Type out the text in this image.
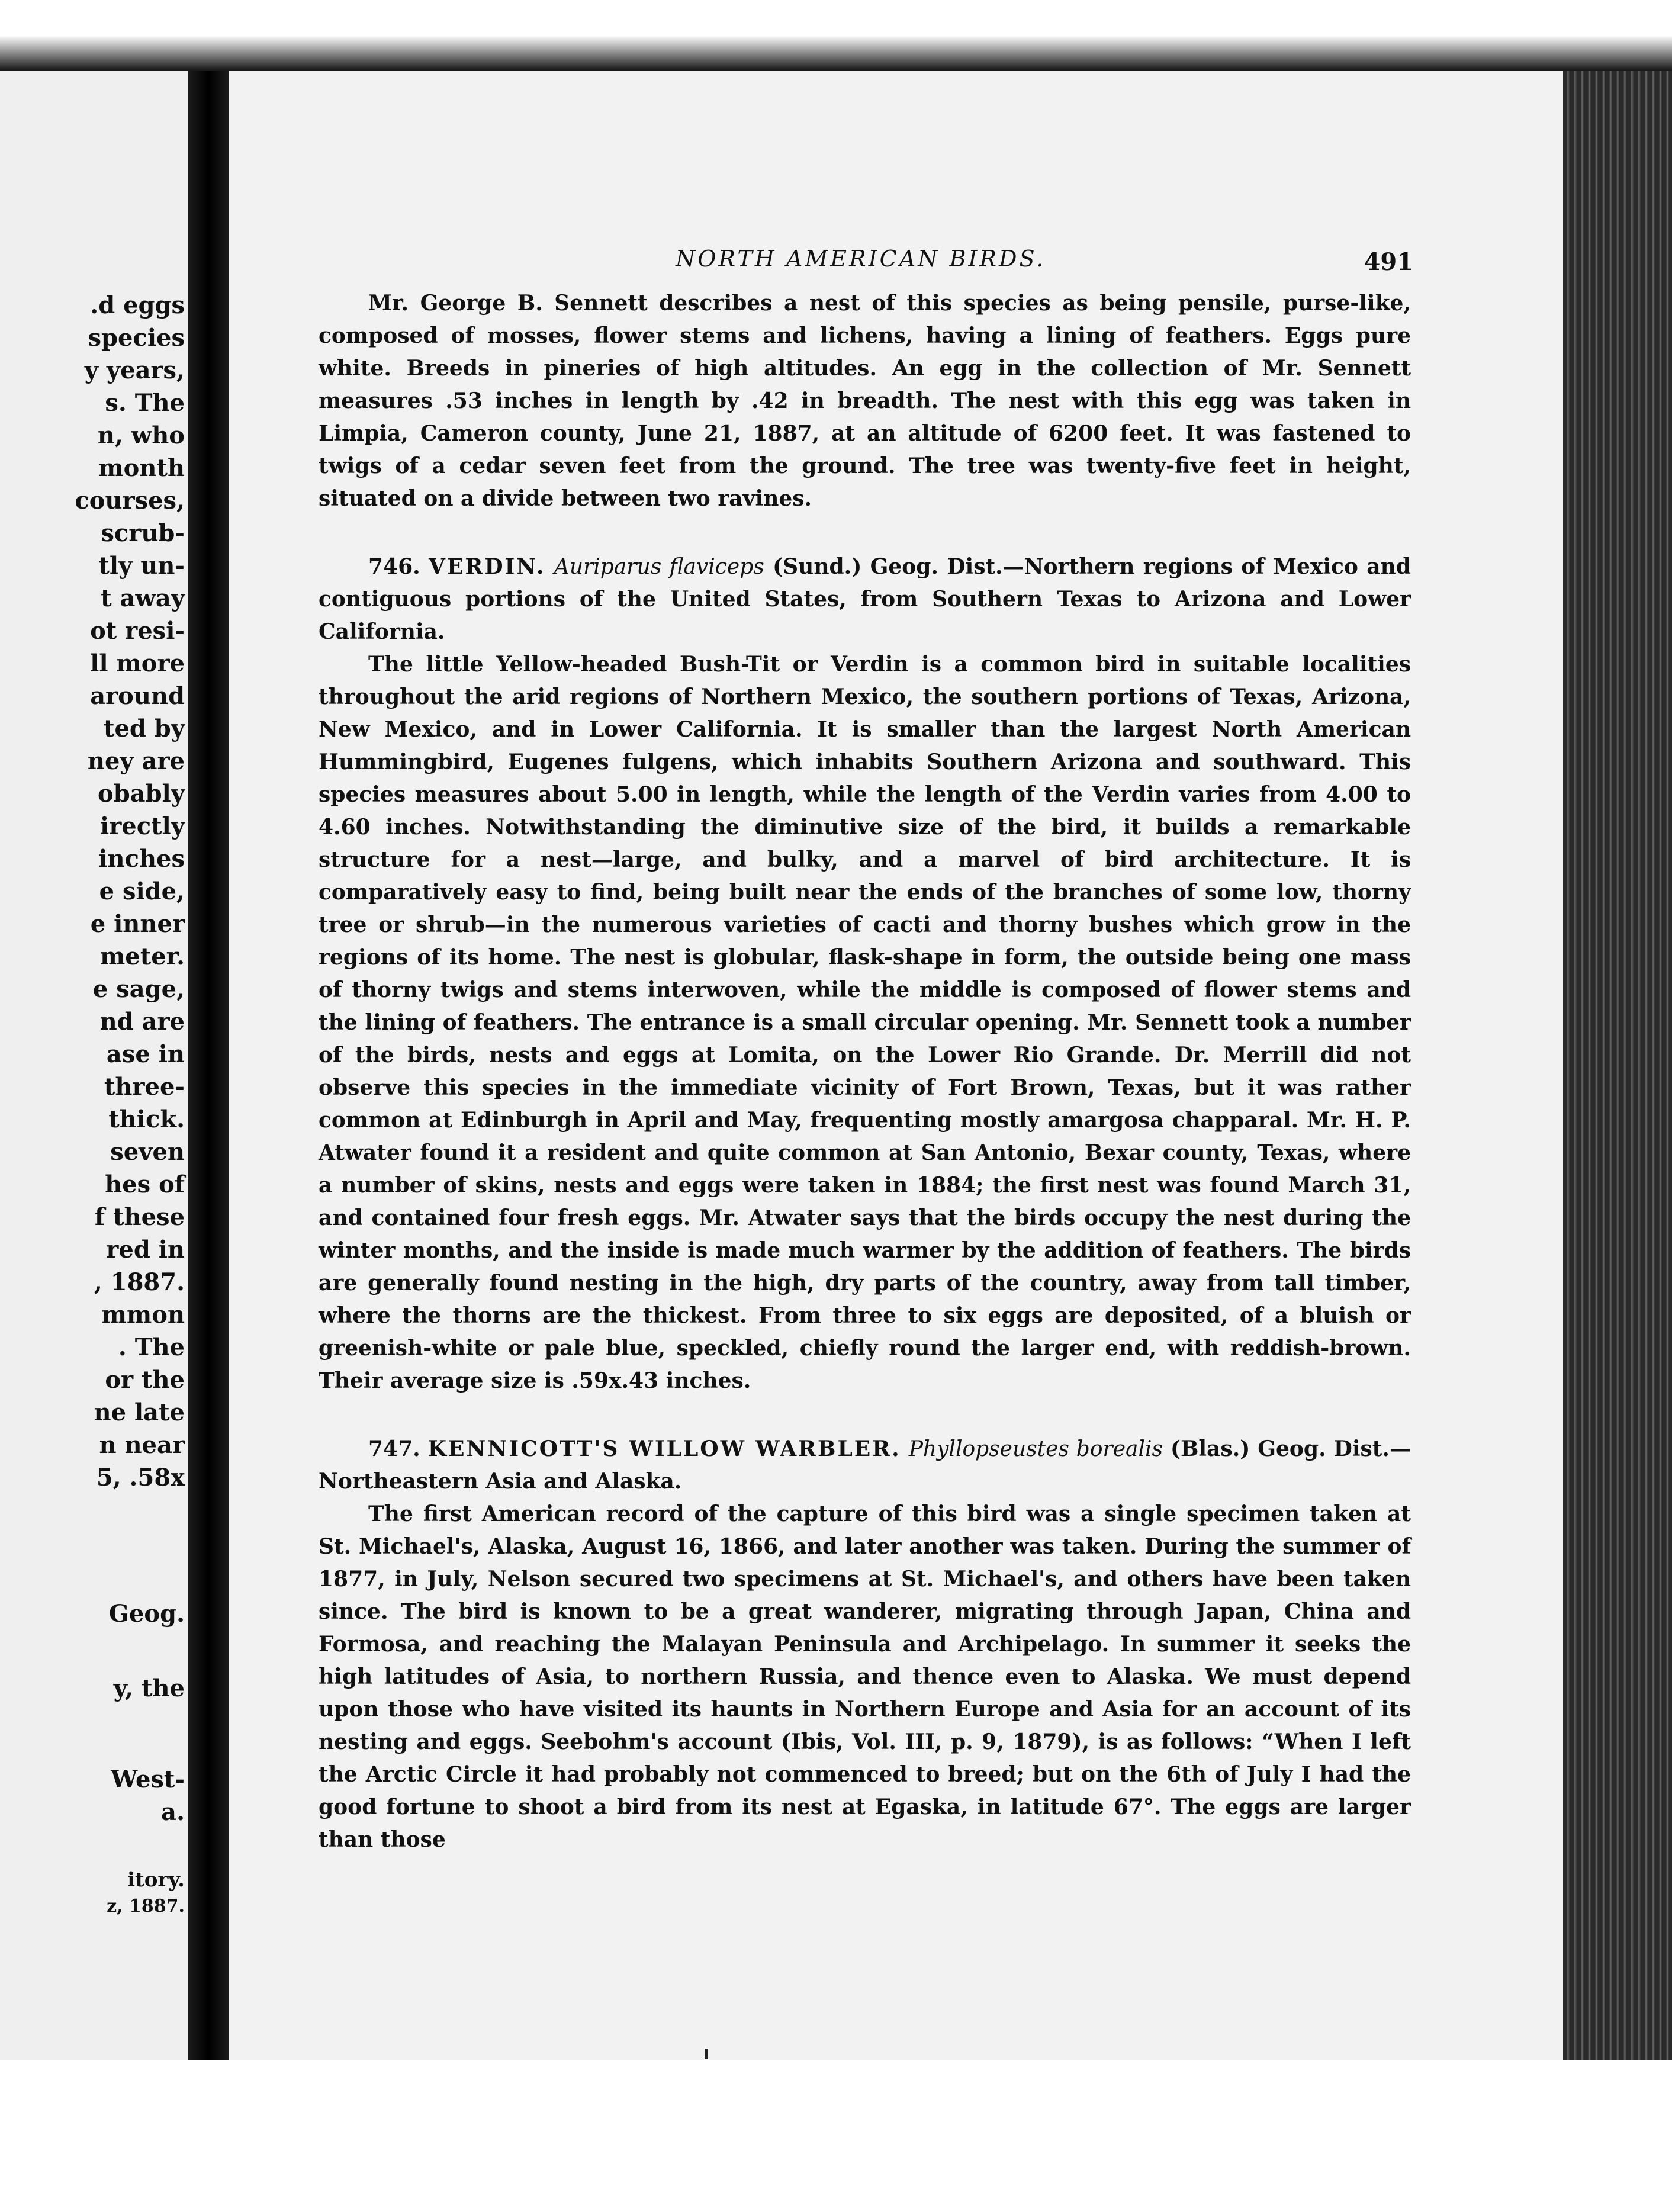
.d eggs
species
y years,
s. The
n, who
month
courses,
scrub-
tly un-
t away
ot resi-
ll more
around
ted by
ney are
obably
irectly
inches
e side,
e inner
meter.
e sage,
nd are
ase in
three-
thick.
seven
hes of
f these
red in
, 1887.
mmon
. The
or the
ne late
n near
5, .58x
Geog.
y, the
West-
a.
itory.
z, 1887.
NORTH AMERICAN BIRDS.	491

Mr. George B. Sennett describes a nest of this species as being pensile, purse-like, composed of mosses, flower stems and lichens, having a lining of feathers. Eggs pure white. Breeds in pineries of high altitudes. An egg in the collection of Mr. Sennett measures .53 inches in length by .42 in breadth. The nest with this egg was taken in Limpia, Cameron county, June 21, 1887, at an altitude of 6200 feet. It was fastened to twigs of a cedar seven feet from the ground. The tree was twenty-five feet in height, situated on a divide between two ravines.

746. VERDIN. Auriparus flaviceps (Sund.) Geog. Dist.—Northern regions of Mexico and contiguous portions of the United States, from Southern Texas to Arizona and Lower California.

The little Yellow-headed Bush-Tit or Verdin is a common bird in suitable localities throughout the arid regions of Northern Mexico, the southern portions of Texas, Arizona, New Mexico, and in Lower California. It is smaller than the largest North American Hummingbird, Eugenes fulgens, which inhabits Southern Arizona and southward. This species measures about 5.00 in length, while the length of the Verdin varies from 4.00 to 4.60 inches. Notwithstanding the diminutive size of the bird, it builds a remarkable structure for a nest—large, and bulky, and a marvel of bird architecture. It is comparatively easy to find, being built near the ends of the branches of some low, thorny tree or shrub—in the numerous varieties of cacti and thorny bushes which grow in the regions of its home. The nest is globular, flask-shape in form, the outside being one mass of thorny twigs and stems interwoven, while the middle is composed of flower stems and the lining of feathers. The entrance is a small circular opening. Mr. Sennett took a number of the birds, nests and eggs at Lomita, on the Lower Rio Grande. Dr. Merrill did not observe this species in the immediate vicinity of Fort Brown, Texas, but it was rather common at Edinburgh in April and May, frequenting mostly amargosa chapparal. Mr. H. P. Atwater found it a resident and quite common at San Antonio, Bexar county, Texas, where a number of skins, nests and eggs were taken in 1884; the first nest was found March 31, and contained four fresh eggs. Mr. Atwater says that the birds occupy the nest during the winter months, and the inside is made much warmer by the addition of feathers. The birds are generally found nesting in the high, dry parts of the country, away from tall timber, where the thorns are the thickest. From three to six eggs are deposited, of a bluish or greenish-white or pale blue, speckled, chiefly round the larger end, with reddish-brown. Their average size is .59x.43 inches.

747. KENNICOTT'S WILLOW WARBLER. Phyllopseustes borealis (Blas.) Geog. Dist.—Northeastern Asia and Alaska.

The first American record of the capture of this bird was a single specimen taken at St. Michael's, Alaska, August 16, 1866, and later another was taken. During the summer of 1877, in July, Nelson secured two specimens at St. Michael's, and others have been taken since. The bird is known to be a great wanderer, migrating through Japan, China and Formosa, and reaching the Malayan Peninsula and Archipelago. In summer it seeks the high latitudes of Asia, to northern Russia, and thence even to Alaska. We must depend upon those who have visited its haunts in Northern Europe and Asia for an account of its nesting and eggs. Seebohm's account (Ibis, Vol. III, p. 9, 1879), is as follows: “When I left the Arctic Circle it had probably not commenced to breed; but on the 6th of July I had the good fortune to shoot a bird from its nest at Egaska, in latitude 67°. The eggs are larger than those
